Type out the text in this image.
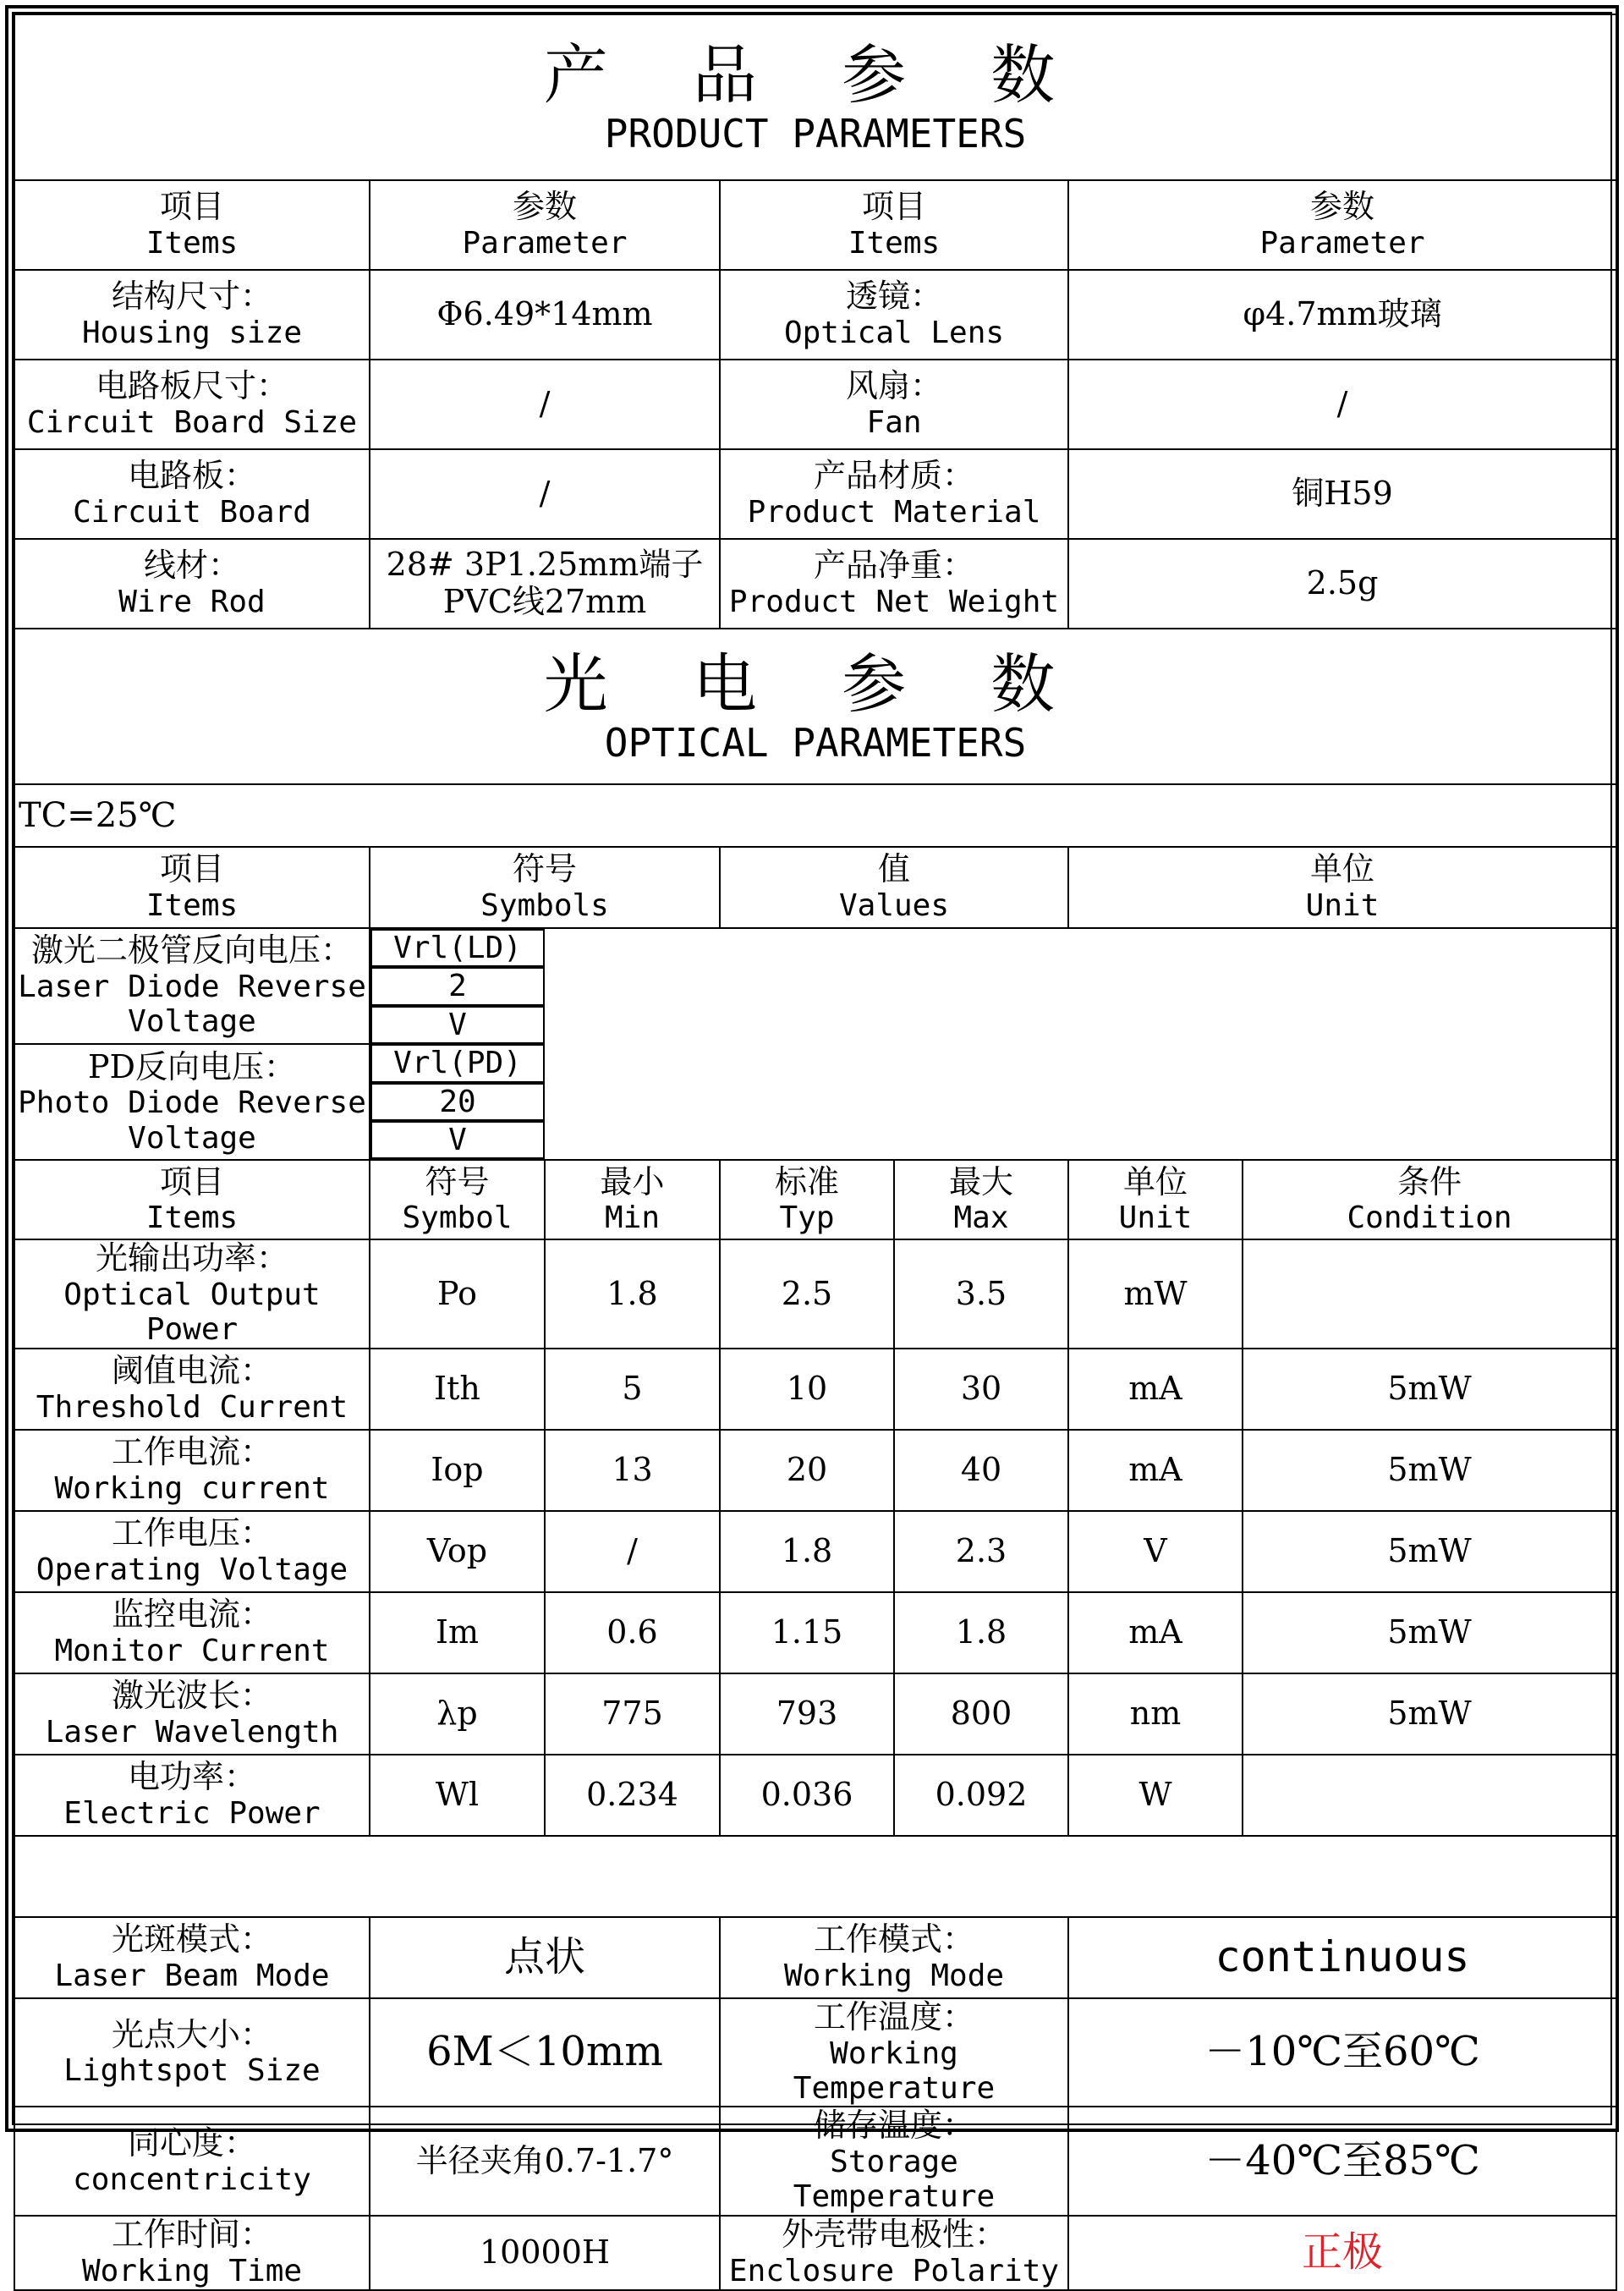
产 品 参 数
PRODUCT PARAMETERS						

项目
Items	参数
Parameter		项目
Items		参数
Parameter	

结构尺寸：
Housing size	Φ6.49*14mm		透镜：
Optical Lens		φ4.7mm玻璃	

电路板尺寸：
Circuit Board Size	/		风扇：
Fan		/	

电路板：
Circuit Board	/		产品材质：
Product Material		铜H59	

线材：
Wire Rod	28# 3P1.25mm端子PVC线27mm		产品净重：
Product Net Weight		2.5g	
光 电 参 数
OPTICAL PARAMETERS						
TC=25℃						

项目
Items	符号
Symbols		值
Values		单位
Unit	

激光二极管反向电压：
Laser Diode Reverse Voltage

Vrl(LD)
2
V

PD反向电压：
Photo Diode Reverse Voltage

Vrl(PD)
20
V

项目
Items	符号
Symbol	最小
Min	标准
Typ	最大
Max	单位
Unit	条件
Condition

光输出功率：
Optical Output Power	Po	1.8	2.5	3.5	mW	

阈值电流：
Threshold Current	Ith	5	10	30	mA	5mW

工作电流：
Working current	Iop	13	20	40	mA	5mW

工作电压：
Operating Voltage	Vop	/	1.8	2.3	V	5mW

监控电流：
Monitor Current	Im	0.6	1.15	1.8	mA	5mW

激光波长：
Laser Wavelength	λp	775	793	800	nm	5mW

电功率：
Electric Power	Wl	0.234	0.036	0.092	W	

光斑模式：
Laser Beam Mode	点状		工作模式：
Working Mode		continuous	

光点大小：
Lightspot Size	6M＜10mm		工作温度：
Working Temperature		－10℃至60℃	

同心度：
concentricity	半径夹角0.7-1.7°		储存温度：
Storage Temperature		－40℃至85℃	

工作时间：
Working Time	10000H		外壳带电极性：
Enclosure Polarity		正极	
